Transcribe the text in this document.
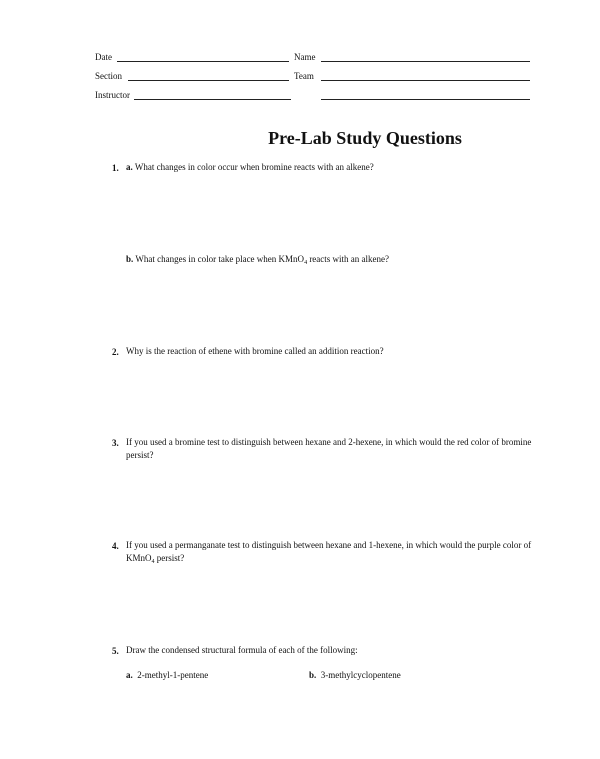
Date	Name
Section	Team
Instructor
Pre-Lab Study Questions
1. a. What changes in color occur when bromine reacts with an alkene?
b. What changes in color take place when KMnO$_4$ reacts with an alkene?
2. Why is the reaction of ethene with bromine called an addition reaction?
3. If you used a bromine test to distinguish between hexane and 2-hexene, in which would the red color of bromine persist?
4. If you used a permanganate test to distinguish between hexane and 1-hexene, in which would the purple color of KMnO$_4$ persist?
5. Draw the condensed structural formula of each of the following:
a. 2-methyl-1-pentene	b. 3-methylcyclopentene
